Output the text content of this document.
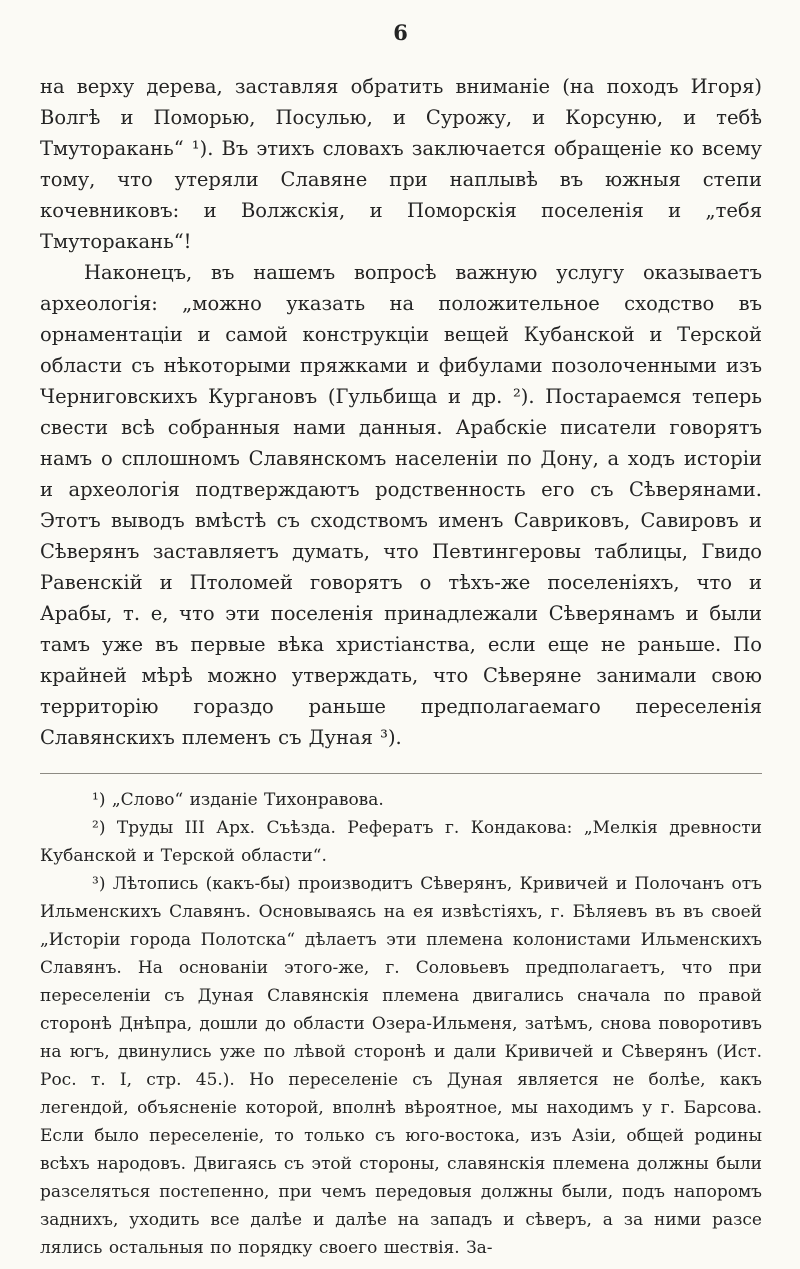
6

на верху дерева, заставляя обратить вниманіе (на походъ Игоря) Волгѣ и Поморью, Посулью, и Сурожу, и Корсуню, и тебѣ Тмуторакань“ ¹). Въ этихъ словахъ заключается обращеніе ко всему тому, что утеряли Славяне при наплывѣ въ южныя степи кочевниковъ: и Волжскія, и Поморскія поселенія и „тебя Тмуторакань“!

Наконецъ, въ нашемъ вопросѣ важную услугу оказываетъ археологія: „можно указать на положительное сходство въ орнаментаціи и самой конструкціи вещей Кубанской и Терской области съ нѣкоторыми пряжками и фибулами позолоченными изъ Черниговскихъ Кургановъ (Гульбища и др. ²). Постараемся теперь свести всѣ собранныя нами данныя. Арабскіе писатели говорятъ намъ о сплошномъ Славянскомъ населеніи по Дону, а ходъ исторіи и археологія подтверждаютъ родственность его съ Сѣверянами. Этотъ выводъ вмѣстѣ съ сходствомъ именъ Савриковъ, Савировъ и Сѣверянъ заставляетъ думать, что Певтингеровы таблицы, Гвидо Равенскій и Птоломей говорятъ о тѣхъ-же поселеніяхъ, что и Арабы, т. е, что эти поселенія принадлежали Сѣверянамъ и были тамъ уже въ первые вѣка христіанства, если еще не раньше. По крайней мѣрѣ можно утверждать, что Сѣверяне занимали свою территорію гораздо раньше предполагаемаго переселенія Славянскихъ племенъ съ Дуная ³).

¹) „Слово“ изданіе Тихонравова.

²) Труды III Арх. Съѣзда. Рефератъ г. Кондакова: „Мелкія древности Кубанской и Терской области“.

³) Лѣтопись (какъ-бы) производитъ Сѣверянъ, Кривичей и Полочанъ отъ Ильменскихъ Славянъ. Основываясь на ея извѣстіяхъ, г. Бѣляевъ въ въ своей „Исторіи города Полотска“ дѣлаетъ эти племена колонистами Ильменскихъ Славянъ. На основаніи этого-же, г. Соловьевъ предполагаетъ, что при переселеніи съ Дуная Славянскія племена двигались сначала по правой сторонѣ Днѣпра, дошли до области Озера-Ильменя, затѣмъ, снова поворотивъ на югъ, двинулись уже по лѣвой сторонѣ и дали Кривичей и Сѣверянъ (Ист. Рос. т. I, стр. 45.). Но переселеніе съ Дуная является не болѣе, какъ легендой, объясненіе которой, вполнѣ вѣроятное, мы находимъ у г. Барсова. Если было переселеніе, то только съ юго-востока, изъ Азіи, общей родины всѣхъ народовъ. Двигаясь съ этой стороны, славянскія племена должны были разселяться постепенно, при чемъ передовыя должны были, подъ напоромъ заднихъ, уходить все далѣе и далѣе на западъ и сѣверъ, а за ними разсе лялись остальныя по порядку своего шествія. За-
